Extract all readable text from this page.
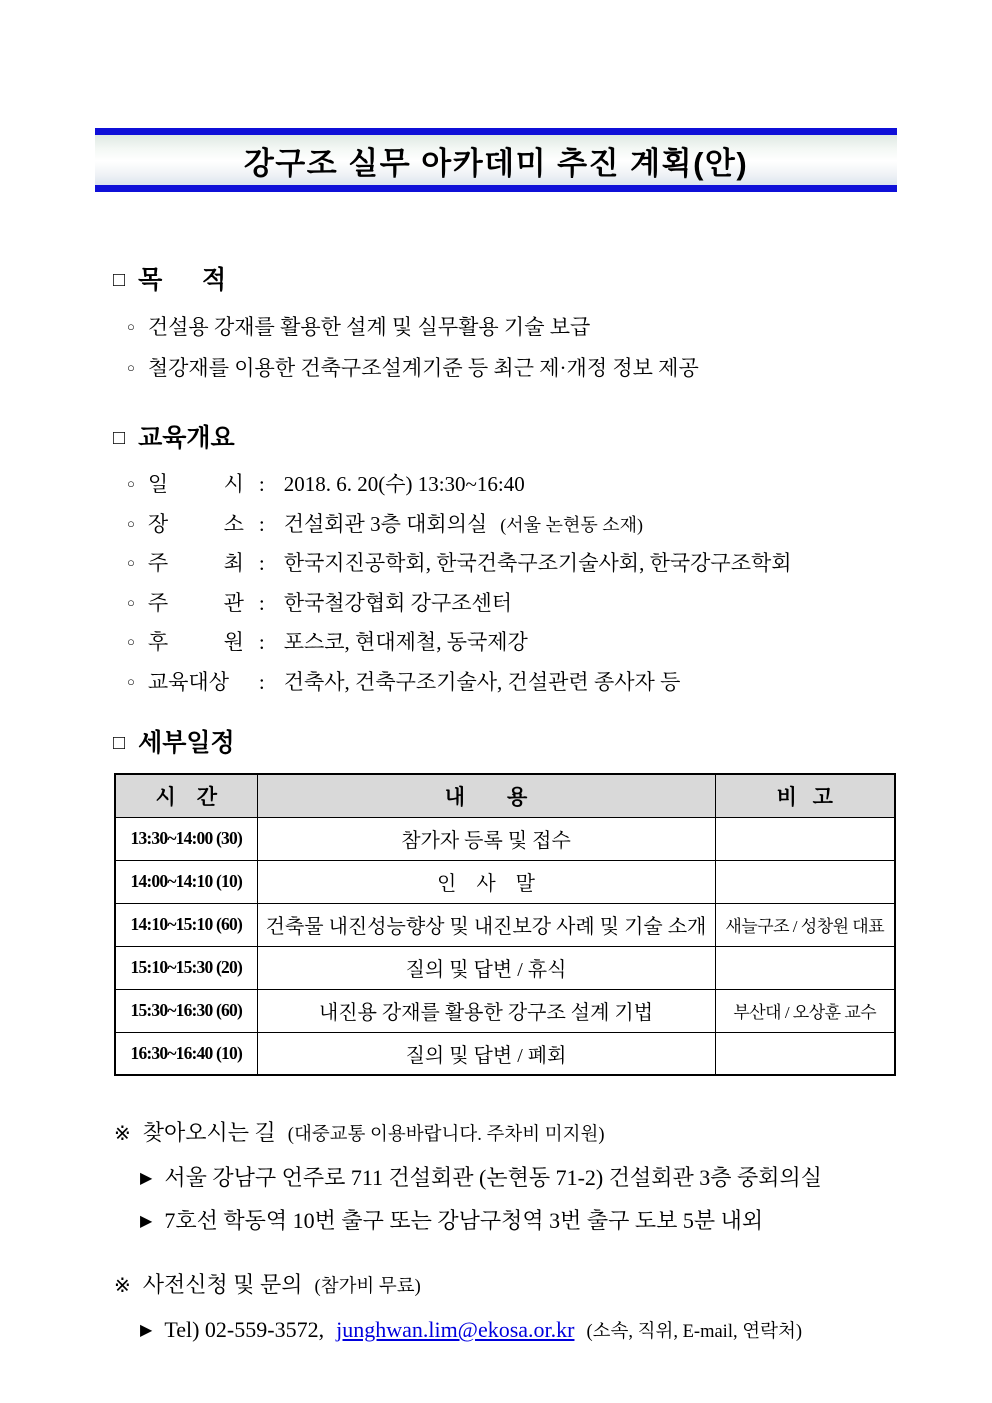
강구조 실무 아카데미 추진 계획(안)
□ 목 적
○ 건설용 강재를 활용한 설계 및 실무활용 기술 보급
○ 철강재를 이용한 건축구조설계기준 등 최근 제·개정 정보 제공
□ 교육개요
○ 일 시 : 2018. 6. 20(수) 13:30~16:40
○ 장 소 : 건설회관 3층 대회의실 (서울 논현동 소재)
○ 주 최 : 한국지진공학회, 한국건축구조기술사회, 한국강구조학회
○ 주 관 : 한국철강협회 강구조센터
○ 후 원 : 포스코, 현대제철, 동국제강
○ 교육대상	: 건축사, 건축구조기술사, 건설관련 종사자 등
□ 세부일정
시    간	내        용	비   고
13:30~14:00 (30)	참가자 등록 및 접수	
14:00~14:10 (10)	인    사    말	
14:10~15:10 (60)	건축물 내진성능향상 및 내진보강 사례 및 기술 소개	새늘구조 / 성창원 대표
15:10~15:30 (20)	질의 및 답변 / 휴식	
15:30~16:30 (60)	내진용 강재를 활용한 강구조 설계 기법	부산대 / 오상훈 교수
16:30~16:40 (10)	질의 및 답변 / 폐회	
※ 찾아오시는 길 (대중교통 이용바랍니다. 주차비 미지원)
▶ 서울 강남구 언주로 711 건설회관 (논현동 71-2) 건설회관 3층 중회의실
▶ 7호선 학동역 10번 출구 또는 강남구청역 3번 출구 도보 5분 내외
※ 사전신청 및 문의 (참가비 무료)
▶ Tel) 02-559-3572, junghwan.lim@ekosa.or.kr (소속, 직위, E-mail, 연락처)
